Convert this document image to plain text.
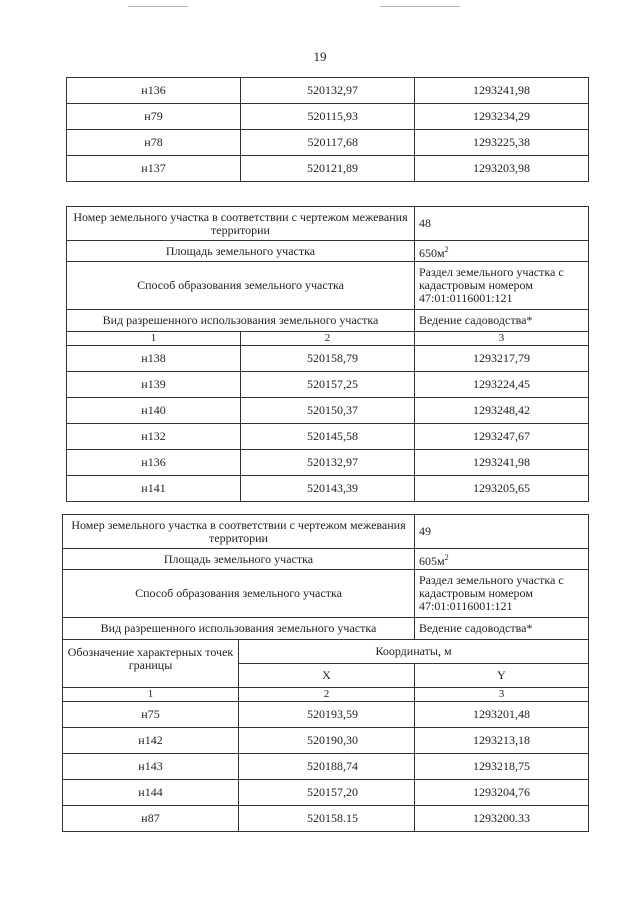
19
н136	520132,97	1293241,98
н79	520115,93	1293234,29
н78	520117,68	1293225,38
н137	520121,89	1293203,98
Номер земельного участка в соответствии с чертежом межевания территории		48
Площадь земельного участка		$650м^2$
Способ образования земельного участка		Раздел земельного участка с кадастровым номером 47:01:0116001:121
Вид разрешенного использования земельного участка		Ведение садоводства*
1	2	3
н138	520158,79	1293217,79
н139	520157,25	1293224,45
н140	520150,37	1293248,42
н132	520145,58	1293247,67
н136	520132,97	1293241,98
н141	520143,39	1293205,65
Номер земельного участка в соответствии с чертежом межевания территории		49
Площадь земельного участка		$605м^2$
Способ образования земельного участка		Раздел земельного участка с кадастровым номером 47:01:0116001:121
Вид разрешенного использования земельного участка		Ведение садоводства*
Обозначение характерных точек границы	Координаты, м	
	X	Y
1	2	3
н75	520193,59	1293201,48
н142	520190,30	1293213,18
н143	520188,74	1293218,75
н144	520157,20	1293204,76
н87	520158.15	1293200.33
